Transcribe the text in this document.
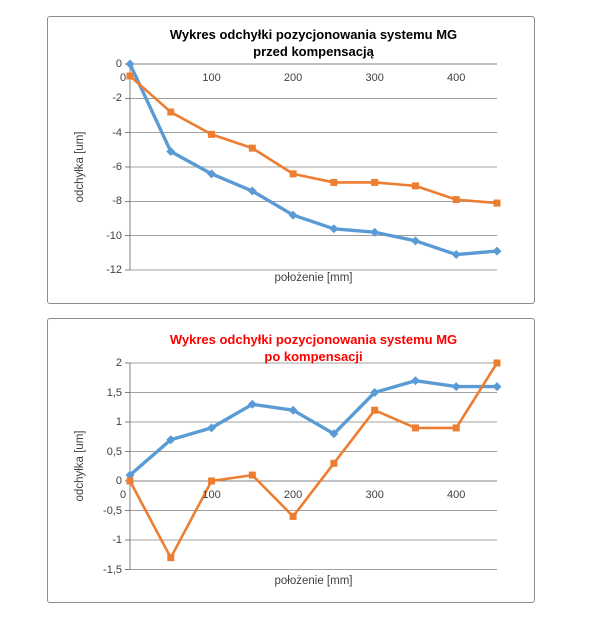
Wykres odchyłki pozycjonowania systemu MG
przed kompensacją
odchyłka [um]
położenie [mm]
0
-2
-4
-6
-8
-10
-12
0	100	200	300	400
Wykres odchyłki pozycjonowania systemu MG
po kompensacji
odchyłka [um]
położenie [mm]
2
1,5
1
0,5
0
-0,5
-1
-1,5
0	100	200	300	400
